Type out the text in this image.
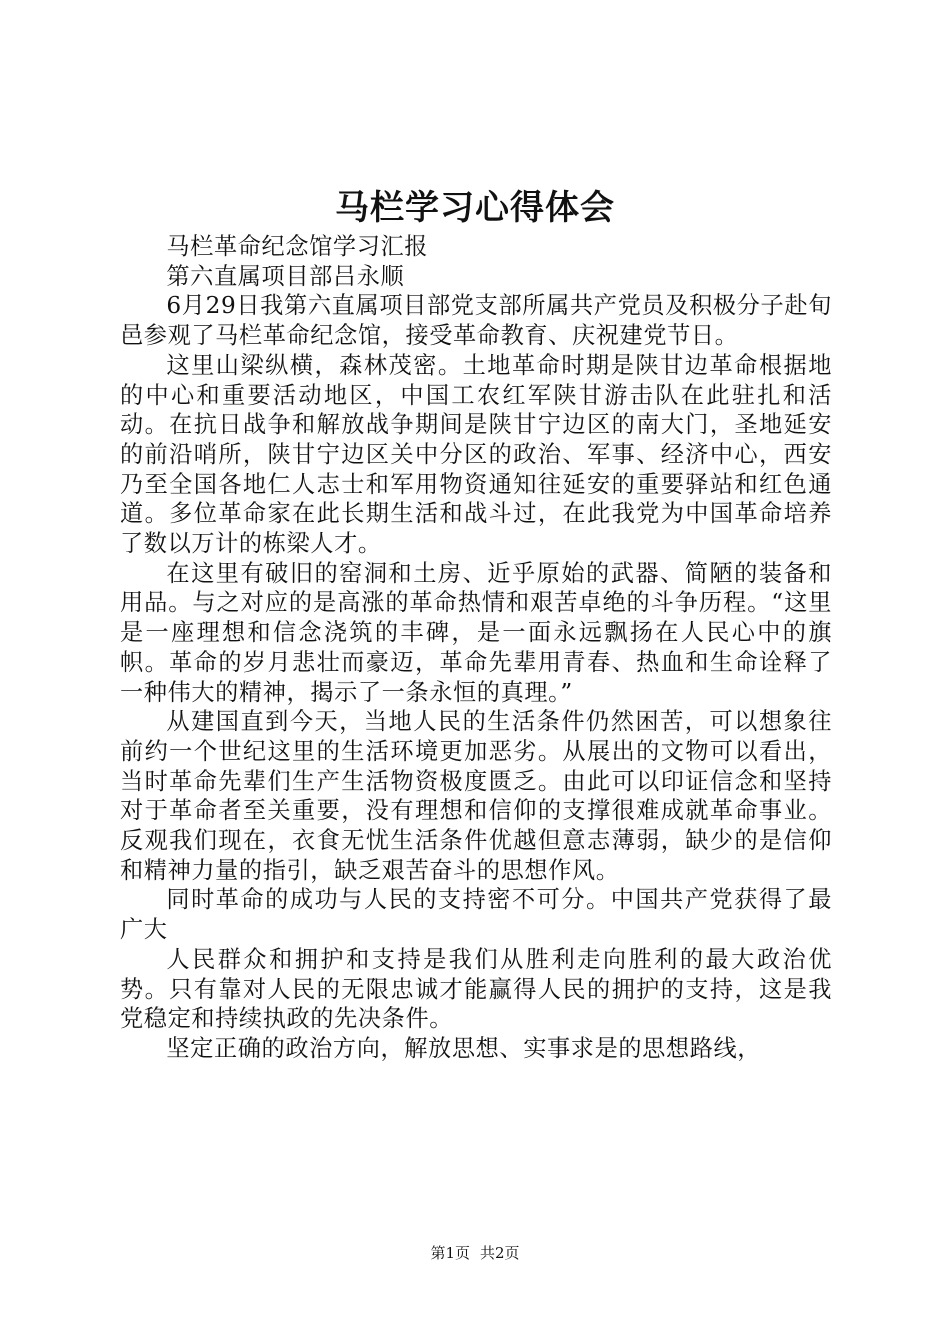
马栏学习心得体会

马栏革命纪念馆学习汇报

第六直属项目部吕永顺

6月29日我第六直属项目部党支部所属共产党员及积极分子赴旬邑参观了马栏革命纪念馆，接受革命教育、庆祝建党节日。

这里山梁纵横，森林茂密。土地革命时期是陕甘边革命根据地的中心和重要活动地区，中国工农红军陕甘游击队在此驻扎和活动。在抗日战争和解放战争期间是陕甘宁边区的南大门，圣地延安的前沿哨所，陕甘宁边区关中分区的政治、军事、经济中心，西安乃至全国各地仁人志士和军用物资通知往延安的重要驿站和红色通道。多位革命家在此长期生活和战斗过，在此我党为中国革命培养了数以万计的栋梁人才。

在这里有破旧的窑洞和土房、近乎原始的武器、简陋的装备和用品。与之对应的是高涨的革命热情和艰苦卓绝的斗争历程。“这里是一座理想和信念浇筑的丰碑，是一面永远飘扬在人民心中的旗帜。革命的岁月悲壮而豪迈，革命先辈用青春、热血和生命诠释了一种伟大的精神，揭示了一条永恒的真理。”

从建国直到今天，当地人民的生活条件仍然困苦，可以想象往前约一个世纪这里的生活环境更加恶劣。从展出的文物可以看出，当时革命先辈们生产生活物资极度匮乏。由此可以印证信念和坚持对于革命者至关重要，没有理想和信仰的支撑很难成就革命事业。反观我们现在，衣食无忧生活条件优越但意志薄弱，缺少的是信仰和精神力量的指引，缺乏艰苦奋斗的思想作风。

同时革命的成功与人民的支持密不可分。中国共产党获得了最广大

人民群众和拥护和支持是我们从胜利走向胜利的最大政治优势。只有靠对人民的无限忠诚才能赢得人民的拥护的支持，这是我党稳定和持续执政的先决条件。

坚定正确的政治方向，解放思想、实事求是的思想路线，

第1页 共2页
